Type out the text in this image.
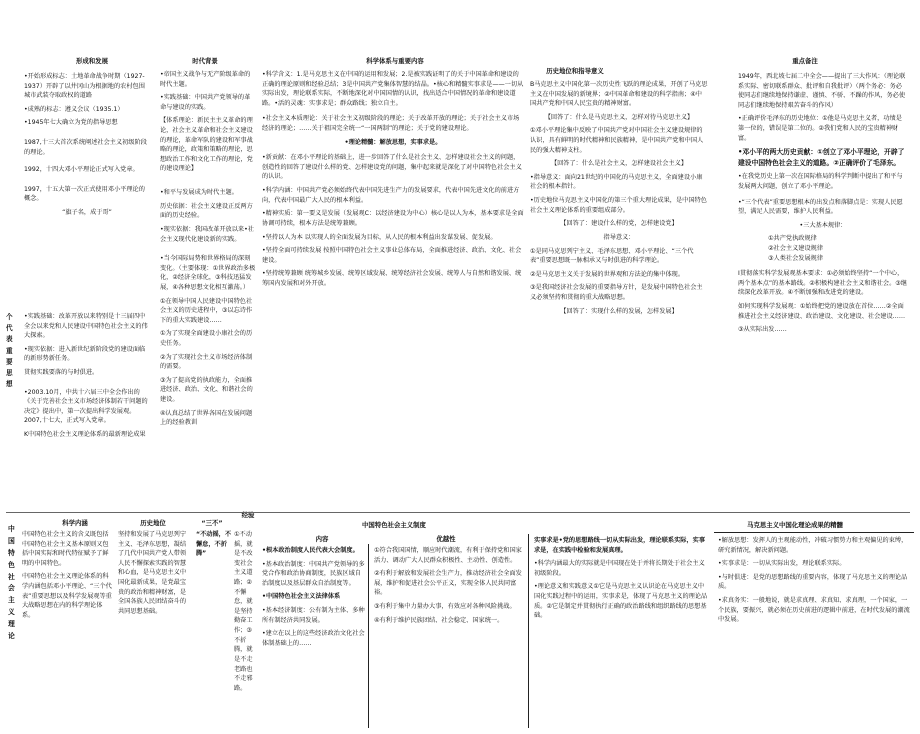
形成和发展

•开始形成标志：土地革命战争时期（1927-1937）开辟了以井冈山为根据地的农村包围城市武装夺取政权的道路

•成熟的标志：遵义会议（1935.1）

•1945年七大确立为党的指导思想

1987,十三大首次系统阐述社会主义初级阶段的理论。

1992，十四大邓小平理论正式写入党章。

1997，十五大第一次正式使用邓小平理论的概念。

“旗子名，成于哥”

个代表重要思想

•实践基础：改革开放以来特别是十三届四中全会以来党和人民建设中国特色社会主义的伟大探索。

•现实依据：进入新世纪新阶段党的建设面临的新形势新任务。

贯彻实践要落的与时俱进。

•2003.10月，中共十六届三中全会作出的《关于完善社会主义市场经济体制若干问题的决定》提出中，第一次提出科学发展观。2007,十七大，正式写入党章。

K中国特色社会主义理论体系的最新理论成果

时代背景

•帝国主义战争与无产阶级革命的时代主题。

•实践基础：中国共产党领导的革命与建设的实践。

【体系理论：新民主主义革命的理论，社会主义革命和社会主义建设的理论，革命军队的建设和军事战略的理论，政策和策略的理论，思想政治工作和文化工作的理论，党的建设理论】

•和平与发展成为时代主题。

历史依据：社会主义建设正反两方面的历史经验。

•现实依据：我国改革开放以来•社会主义现代化建设新的实践。

•当今国际局势和世界格局的深刻变化。（主要体现：①世界政治多极化，②经济全球化，③科技迅猛发展，④各种思想文化相互激荡。）

①在领导中国人民建设中国特色社会主义的历史进程中，③以忘诗作下的重大实践建设……

①为了实现全面建设小康社会的历史任务。

②为了实现社会主义市场经济体制的需要。

③为了提高党的执政能力，全面推进经济、政治、文化、和谐社会的建设。

④认真总结了世界各国在发展问题上的经验教训

科学体系与重要内容

•科学含义：1.是马克思主义在中国的运用和发展；2.是被实践证明了的关于中国革命和建设的正确的理论原则和经验总结；3是中国共产党集体智慧的结晶。•核心和精髓实事求是——一切从实际出发，理论联系实际，不断地深化对中国国情的认识，找出适合中国情况的革命和建设道路。•活的灵魂：实事求是；群众路线；独立自主。

•社会主义本质理论：关于社会主义初级阶段的理论；关于改革开放的理论；关于社会主义市场经济的理论；……关于祖国完全统一“一国两制”的理论；关于党的建设理论。

•理论精髓：解放思想，实事求是。

•新贡献：在邓小平理论的基础上，进一步回答了什么是社会主义、怎样建设社会主义的问题，创造性的回答了建设什么样的党、怎样建设党的问题，集中起来就是深化了对中国特色社会主义的认识。

•科学内涵：中国共产党必须始终代表中国先进生产力的发展要求，代表中国先进文化的前进方向，代表中国最广大人民的根本利益。

•精神实质：第一要义是发展（发展观C：以经济建设为中心）核心是以人为本，基本要求是全面协调可持续，根本方法是统筹兼顾。

•坚持以人为本 以实现人的全面发展为目标，从人民的根本利益出发谋发展、促发展。

•坚持全面可持续发展 按照中国特色社会主义事业总体布局，全面推进经济、政治、文化、社会建设。

•坚持统筹兼顾 统筹城乡发展、统筹区域发展、统筹经济社会发展、统筹人与自然和谐发展、统筹国内发展和对外开放。

历史地位和指导意义

B马克思主义中国化第一次历史性飞跃的理论成果，开创了马克思主义在中国发展的新境界；②中国革命和建设的科学指南；④中国共产党和中国人民宝贵的精神财富。

【回答了：什么是马克思主义，怎样对待马克思主义】

①邓小平理论集中反映了中国共产党对中国社会主义建设规律的认识，具有鲜明的时代精神和民族精神，是中国共产党和中国人民的强大精神支柱。

【回答了：什么是社会主义，怎样建设社会主义】

•指导意义：面向21世纪的中国化的马克思主义，全面建设小康社会的根本指针。

•历史地位马克思主义中国化的第三个重大理论成果，是中国特色社会主义理论体系的重要组成部分。

【回答了：建设什么样的党，怎样建设党】

指导意义：

①是同马克思列宁主义、毛泽东思想、邓小平理论、“三个代表”重要思想既一脉相承又与时俱进的科学理论。

②是马克思主义关于发展的世界观和方法论的集中体现。

③是我国经济社会发展的重要指导方针，是发展中国特色社会主义必须坚持和贯彻的重大战略思想。

【回答了：实现什么样的发展，怎样发展】

重点备注

1949年，西北坡七届二中全会——提出了三大作风：（理论联系实际、密切联系群众、批评和自我批评）（两个务必：务必使同志们继续地保持谦虚、谨慎、不骄、不躁的作风，务必使同志们继续地保持艰苦奋斗的作风）

•正确评价毛泽东的历史地位：①他是马克思主义者，功绩是第一位的，错误是第二位的。②我们党和人民的宝贵精神财富。

•邓小平的两大历史贡献：①创立了邓小平理论，开辟了建设中国特色社会主义的道路。②正确评价了毛泽东。

•在我党历史上第一次在国际格局的科学判断中提出了和平与发展两大问题，创立了邓小平理论。

•“三个代表”重要思想根本的出发点和落脚点是：实现人民愿望，满足人民需要，维护人民利益。

•三大基本规律：

①共产党执政规律

②社会主义建设规律

③人类社会发展规律

I贯彻落实科学发展观基本要求：①必须始终坚持“一个中心，两个基本点”的基本路线。②积极构建社会主义和谐社会。③继续深化改革开放。④不断加强和改进党的建设。

如何实现科学发展观：①始终把党的建设放在首位……②全面推进社会主义经济建设、政治建设、文化建设、社会建设……

③从实际出发……

中国特色社会主义理论
科学内涵	历史地位	“三不”
经验

中国特色社会主义的含义既包括中国特色社会主义基本原则又包括中国实际和时代特征赋予了鲜明的中国特色。

中国特色社会主义理论体系的科学内涵包括邓小平理论、“三个代表”重要思想以及科学发展观等重大战略思想在内的科学理论体系。

坚持和发展了马克思列宁主义、毛泽东思想，凝结了几代中国共产党人带领人民不懈探索实践的智慧和心血，是马克思主义中国化最新成果，是党最宝贵的政治和精神财富，是全国各族人民团结奋斗的共同思想基础。

“不动摇，不懈怠，不折腾”

①不动摇，就是不改变社会主义道路；②不懈怠，就是坚持勤奋工作；③不折腾，就是不走老路也不走邪路。

中国特色社会主义制度
内容	优越性

•根本政治制度人民代表大会制度。

•基本政治制度：中国共产党领导的多党合作和政治协商制度，民族区域自治制度以及基层群众自治制度等。

•中国特色社会主义法律体系

•基本经济制度：公有制为主体、多种所有制经济共同发展。

•建立在以上的这些经济政治文化社会体制基础上的……

①符合我国国情，顺应时代潮流，有利于保持党和国家活力、调动广大人民群众积极性、主动性、创造性。

②有利于解放和发展社会生产力，推动经济社会全面发展，维护和促进社会公平正义，实现全体人民共同富裕。

③有利于集中力量办大事，有效应对各种风险挑战。

④有利于维护民族团结、社会稳定、国家统一。

实事求是•党的思想路线一切从实际出发，理论联系实际，实事求是，在实践中检验和发展真理。

•科学内涵最大的实际就是中国现在处于并将长期处于社会主义初级阶段。

•理论意义和实践意义①它是马克思主义认识论在马克思主义中国化实践过程中的运用，实事求是，体现了马克思主义的理论品质。②它是制定并贯彻执行正确的政治路线和组织路线的思想基础。

马克思主义中国化理论成果的精髓

•解放思想：发挥人的主观能动性，冲破习惯势力和主观偏见的束缚，研究新情况，解决新问题。

•实事求是：一切从实际出发，理论联系实际。

•与时俱进：是党的思想路线的重要内容，体现了马克思主义的理论品质。

•求真务实：一般地说，就是求真理、求真知、求真理，一个国家，一个民族，要振兴，就必须在历史前进的逻辑中前进，在时代发展的潮流中发展。
